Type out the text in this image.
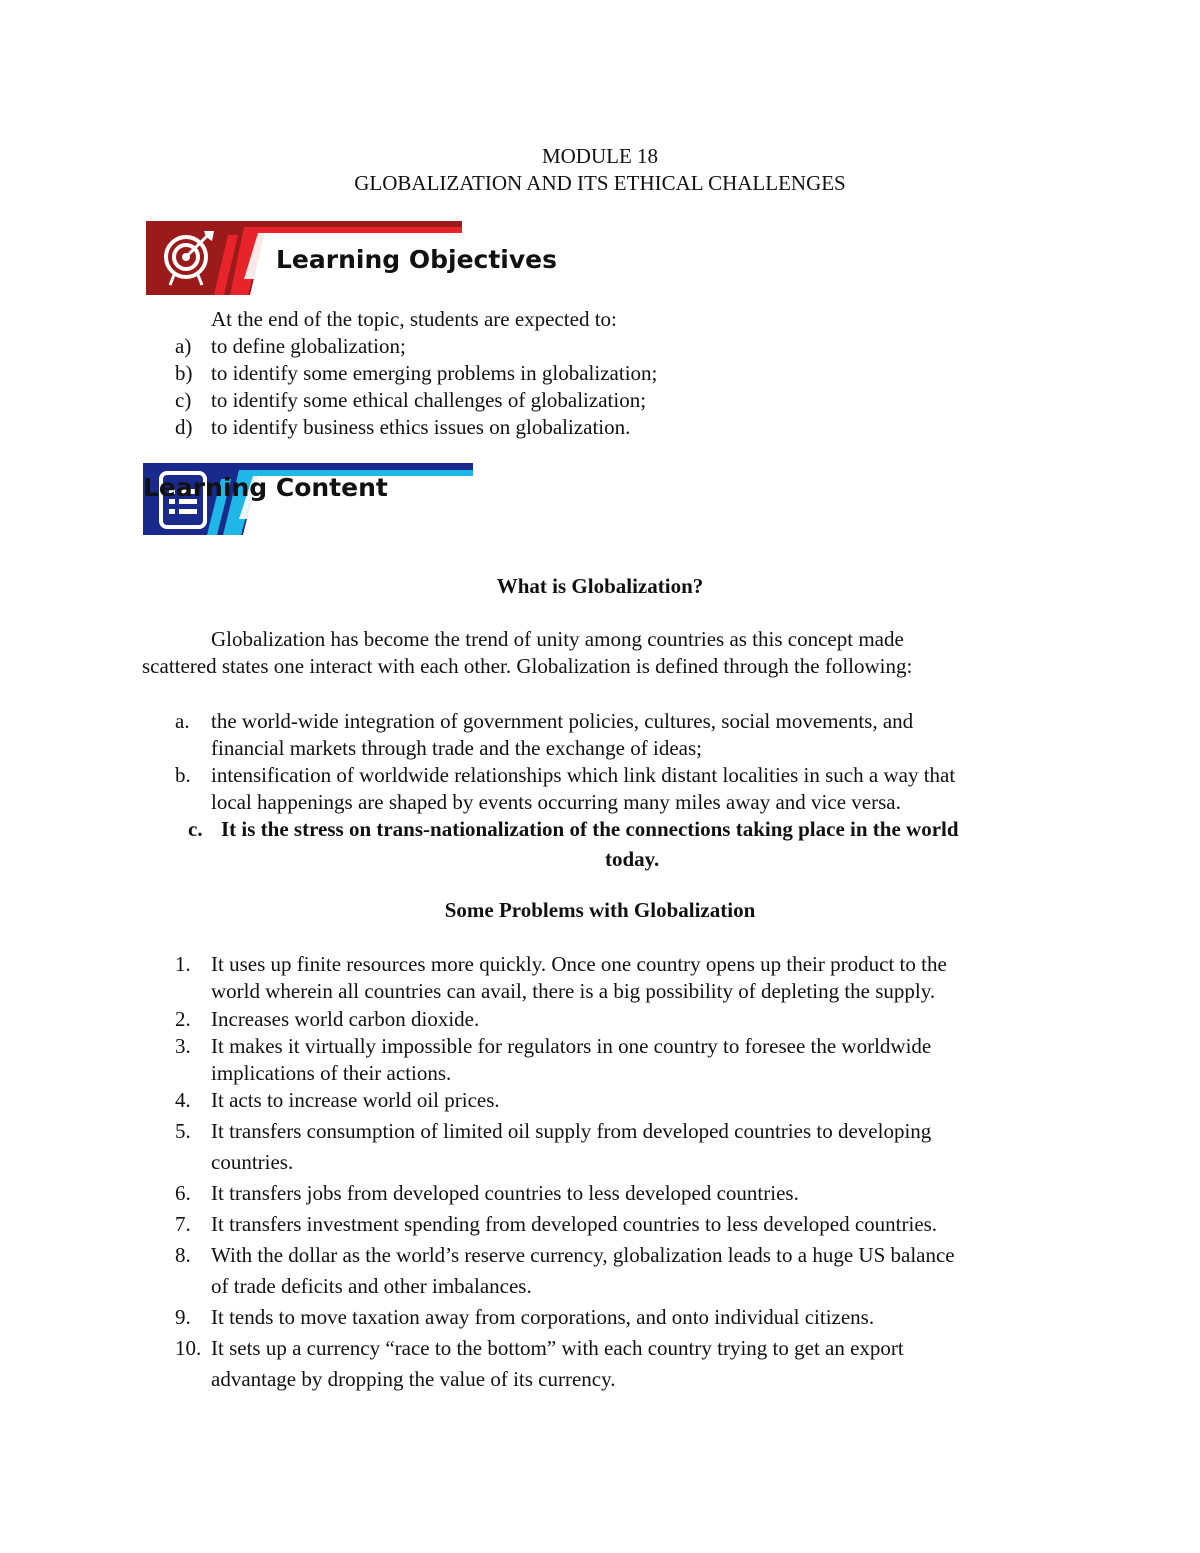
MODULE 18
GLOBALIZATION AND ITS ETHICAL CHALLENGES
Learning Objectives
At the end of the topic, students are expected to:
a) to define globalization;
b) to identify some emerging problems in globalization;
c) to identify some ethical challenges of globalization;
d) to identify business ethics issues on globalization.
Learning Content
What is Globalization?
Globalization has become the trend of unity among countries as this concept made
scattered states one interact with each other. Globalization is defined through the following:
a. the world-wide integration of government policies, cultures, social movements, and
financial markets through trade and the exchange of ideas;
b. intensification of worldwide relationships which link distant localities in such a way that
local happenings are shaped by events occurring many miles away and vice versa.
c. It is the stress on trans-nationalization of the connections taking place in the world
today.
Some Problems with Globalization
1. It uses up finite resources more quickly. Once one country opens up their product to the
world wherein all countries can avail, there is a big possibility of depleting the supply.
2. Increases world carbon dioxide.
3. It makes it virtually impossible for regulators in one country to foresee the worldwide
implications of their actions.
4. It acts to increase world oil prices.
5. It transfers consumption of limited oil supply from developed countries to developing
countries.
6. It transfers jobs from developed countries to less developed countries.
7. It transfers investment spending from developed countries to less developed countries.
8. With the dollar as the world’s reserve currency, globalization leads to a huge US balance
of trade deficits and other imbalances.
9. It tends to move taxation away from corporations, and onto individual citizens.
10. It sets up a currency “race to the bottom” with each country trying to get an export
advantage by dropping the value of its currency.
